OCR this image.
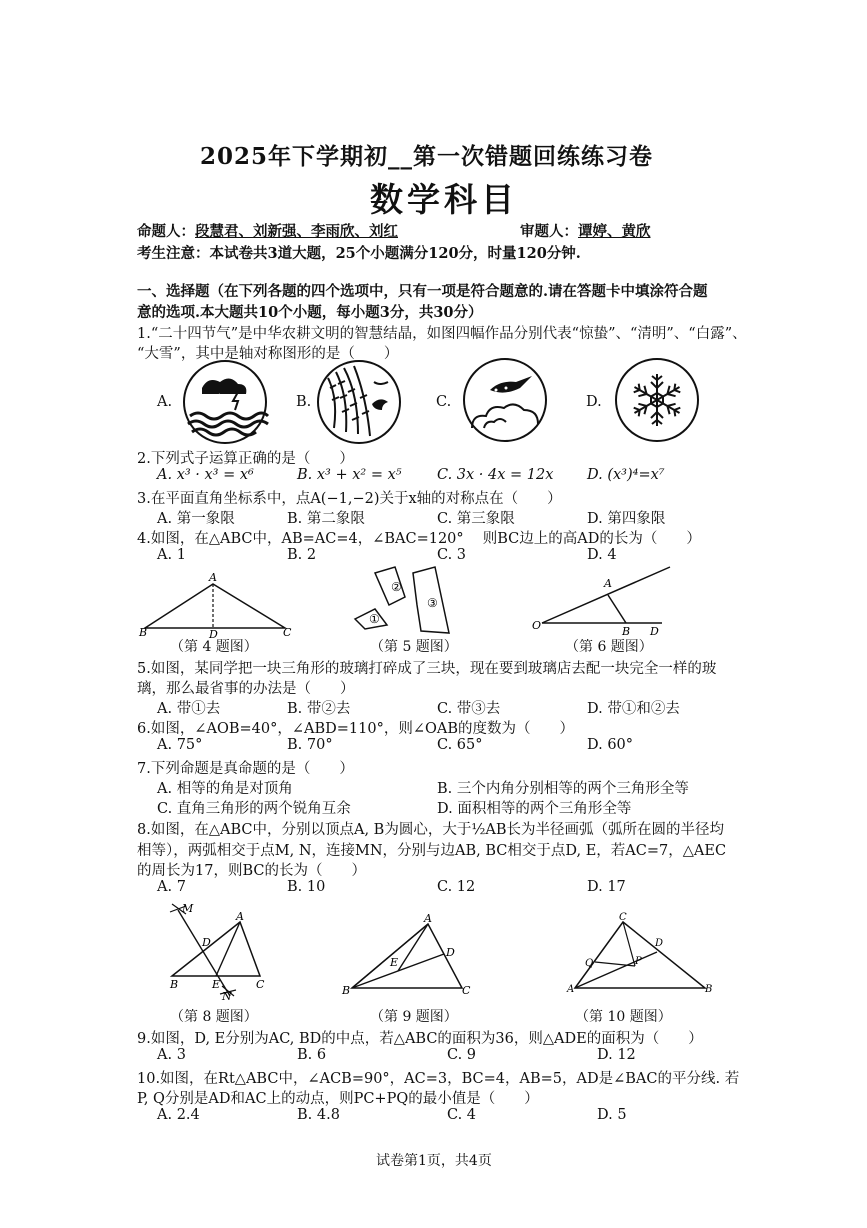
2025年下学期初__第一次错题回练练习卷
数学科目
命题人：段慧君、刘新强、李雨欣、刘红	审题人：谭婷、黄欣
考生注意：本试卷共3道大题，25个小题满分120分，时量120分钟.
一、选择题（在下列各题的四个选项中，只有一项是符合题意的.请在答题卡中填涂符合题
意的选项.本大题共10个小题，每小题3分，共30分）
1.“二十四节气”是中华农耕文明的智慧结晶，如图四幅作品分别代表“惊蛰”、“清明”、“白露”、
“大雪”，其中是轴对称图形的是（　　）
A.	B.	C.	D.
2.下列式子运算正确的是（　　）
A. x³ · x³ = x⁶	B. x³ + x² = x⁵ C. 3x · 4x = 12x D. (x³)⁴=x⁷
3.在平面直角坐标系中，点A(−1,−2)关于x轴的对称点在（　　）
A. 第一象限	B. 第二象限	C. 第三象限	D. 第四象限
4.如图，在△ABC中，AB=AC=4，∠BAC=120°　 则BC边上的高AD的长为（　　）
A. 1	B. 2	C. 3	D. 4
A
B	D	C
（第 4 题图）
②
①
③
（第 5 题图）
A
O	B D
（第 6 题图）
5.如图，某同学把一块三角形的玻璃打碎成了三块，现在要到玻璃店去配一块完全一样的玻
璃，那么最省事的办法是（　　）
A. 带①去	B. 带②去	C. 带③去	D. 带①和②去
6.如图，∠AOB=40°，∠ABD=110°，则∠OAB的度数为（　　）
A. 75°	B. 70°	C. 65°	D. 60°
7.下列命题是真命题的是（　　）
A. 相等的角是对顶角	B. 三个内角分别相等的两个三角形全等
C. 直角三角形的两个锐角互余	D. 面积相等的两个三角形全等
8.如图，在△ABC中，分别以顶点A, B为圆心，大于½AB长为半径画弧（弧所在圆的半径均
相等），两弧相交于点M, N，连接MN，分别与边AB, BC相交于点D, E，若AC=7，△AEC
的周长为17，则BC的长为（　　）
A. 7	B. 10	C. 12	D. 17
M
A
D
B	E	C
N
（第 8 题图）
A
D
E
B	C
（第 9 题图）
C
D
Q	P
A	B
（第 10 题图）
9.如图，D, E分别为AC, BD的中点，若△ABC的面积为36，则△ADE的面积为（　　）
A. 3	B. 6	C. 9	D. 12
10.如图，在Rt△ABC中，∠ACB=90°，AC=3，BC=4，AB=5，AD是∠BAC的平分线. 若
P, Q分别是AD和AC上的动点，则PC+PQ的最小值是（　　）
A. 2.4	B. 4.8	C. 4	D. 5
试卷第1页，共4页
